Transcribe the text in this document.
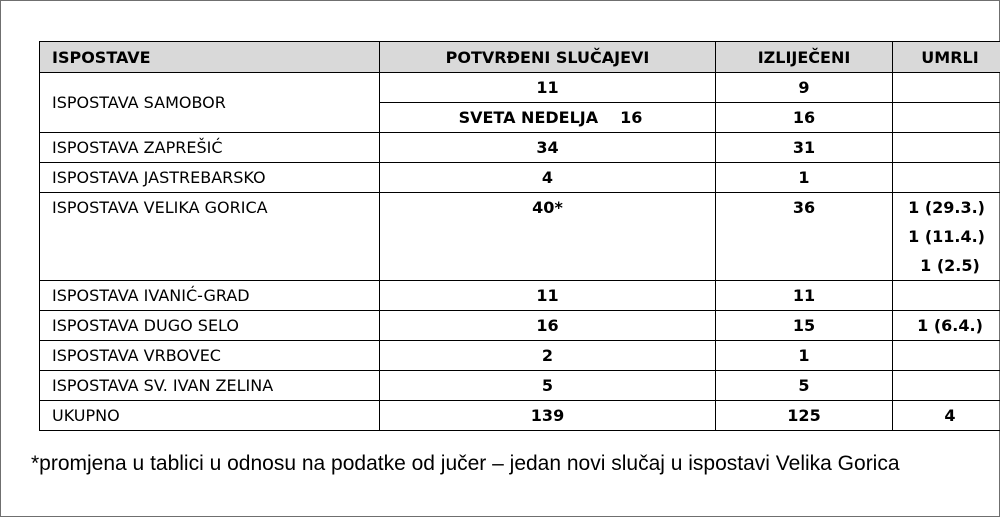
ISPOSTAVE	POTVRĐENI SLUČAJEVI	IZLIJEČENI	UMRLI
ISPOSTAVA SAMOBOR	11	9	
	SVETA NEDELJA 16	16	
ISPOSTAVA ZAPREŠIĆ	34	31	
ISPOSTAVA JASTREBARSKO	4	1	
ISPOSTAVA VELIKA GORICA	40*	36	1 (29.3.)
1 (11.4.)
1 (2.5)

ISPOSTAVA IVANIĆ-GRAD	11	11	
ISPOSTAVA DUGO SELO	16	15	1 (6.4.)
ISPOSTAVA VRBOVEC	2	1	
ISPOSTAVA SV. IVAN ZELINA	5	5	
UKUPNO	139	125	4
*promjena u tablici u odnosu na podatke od jučer – jedan novi slučaj u ispostavi Velika Gorica
